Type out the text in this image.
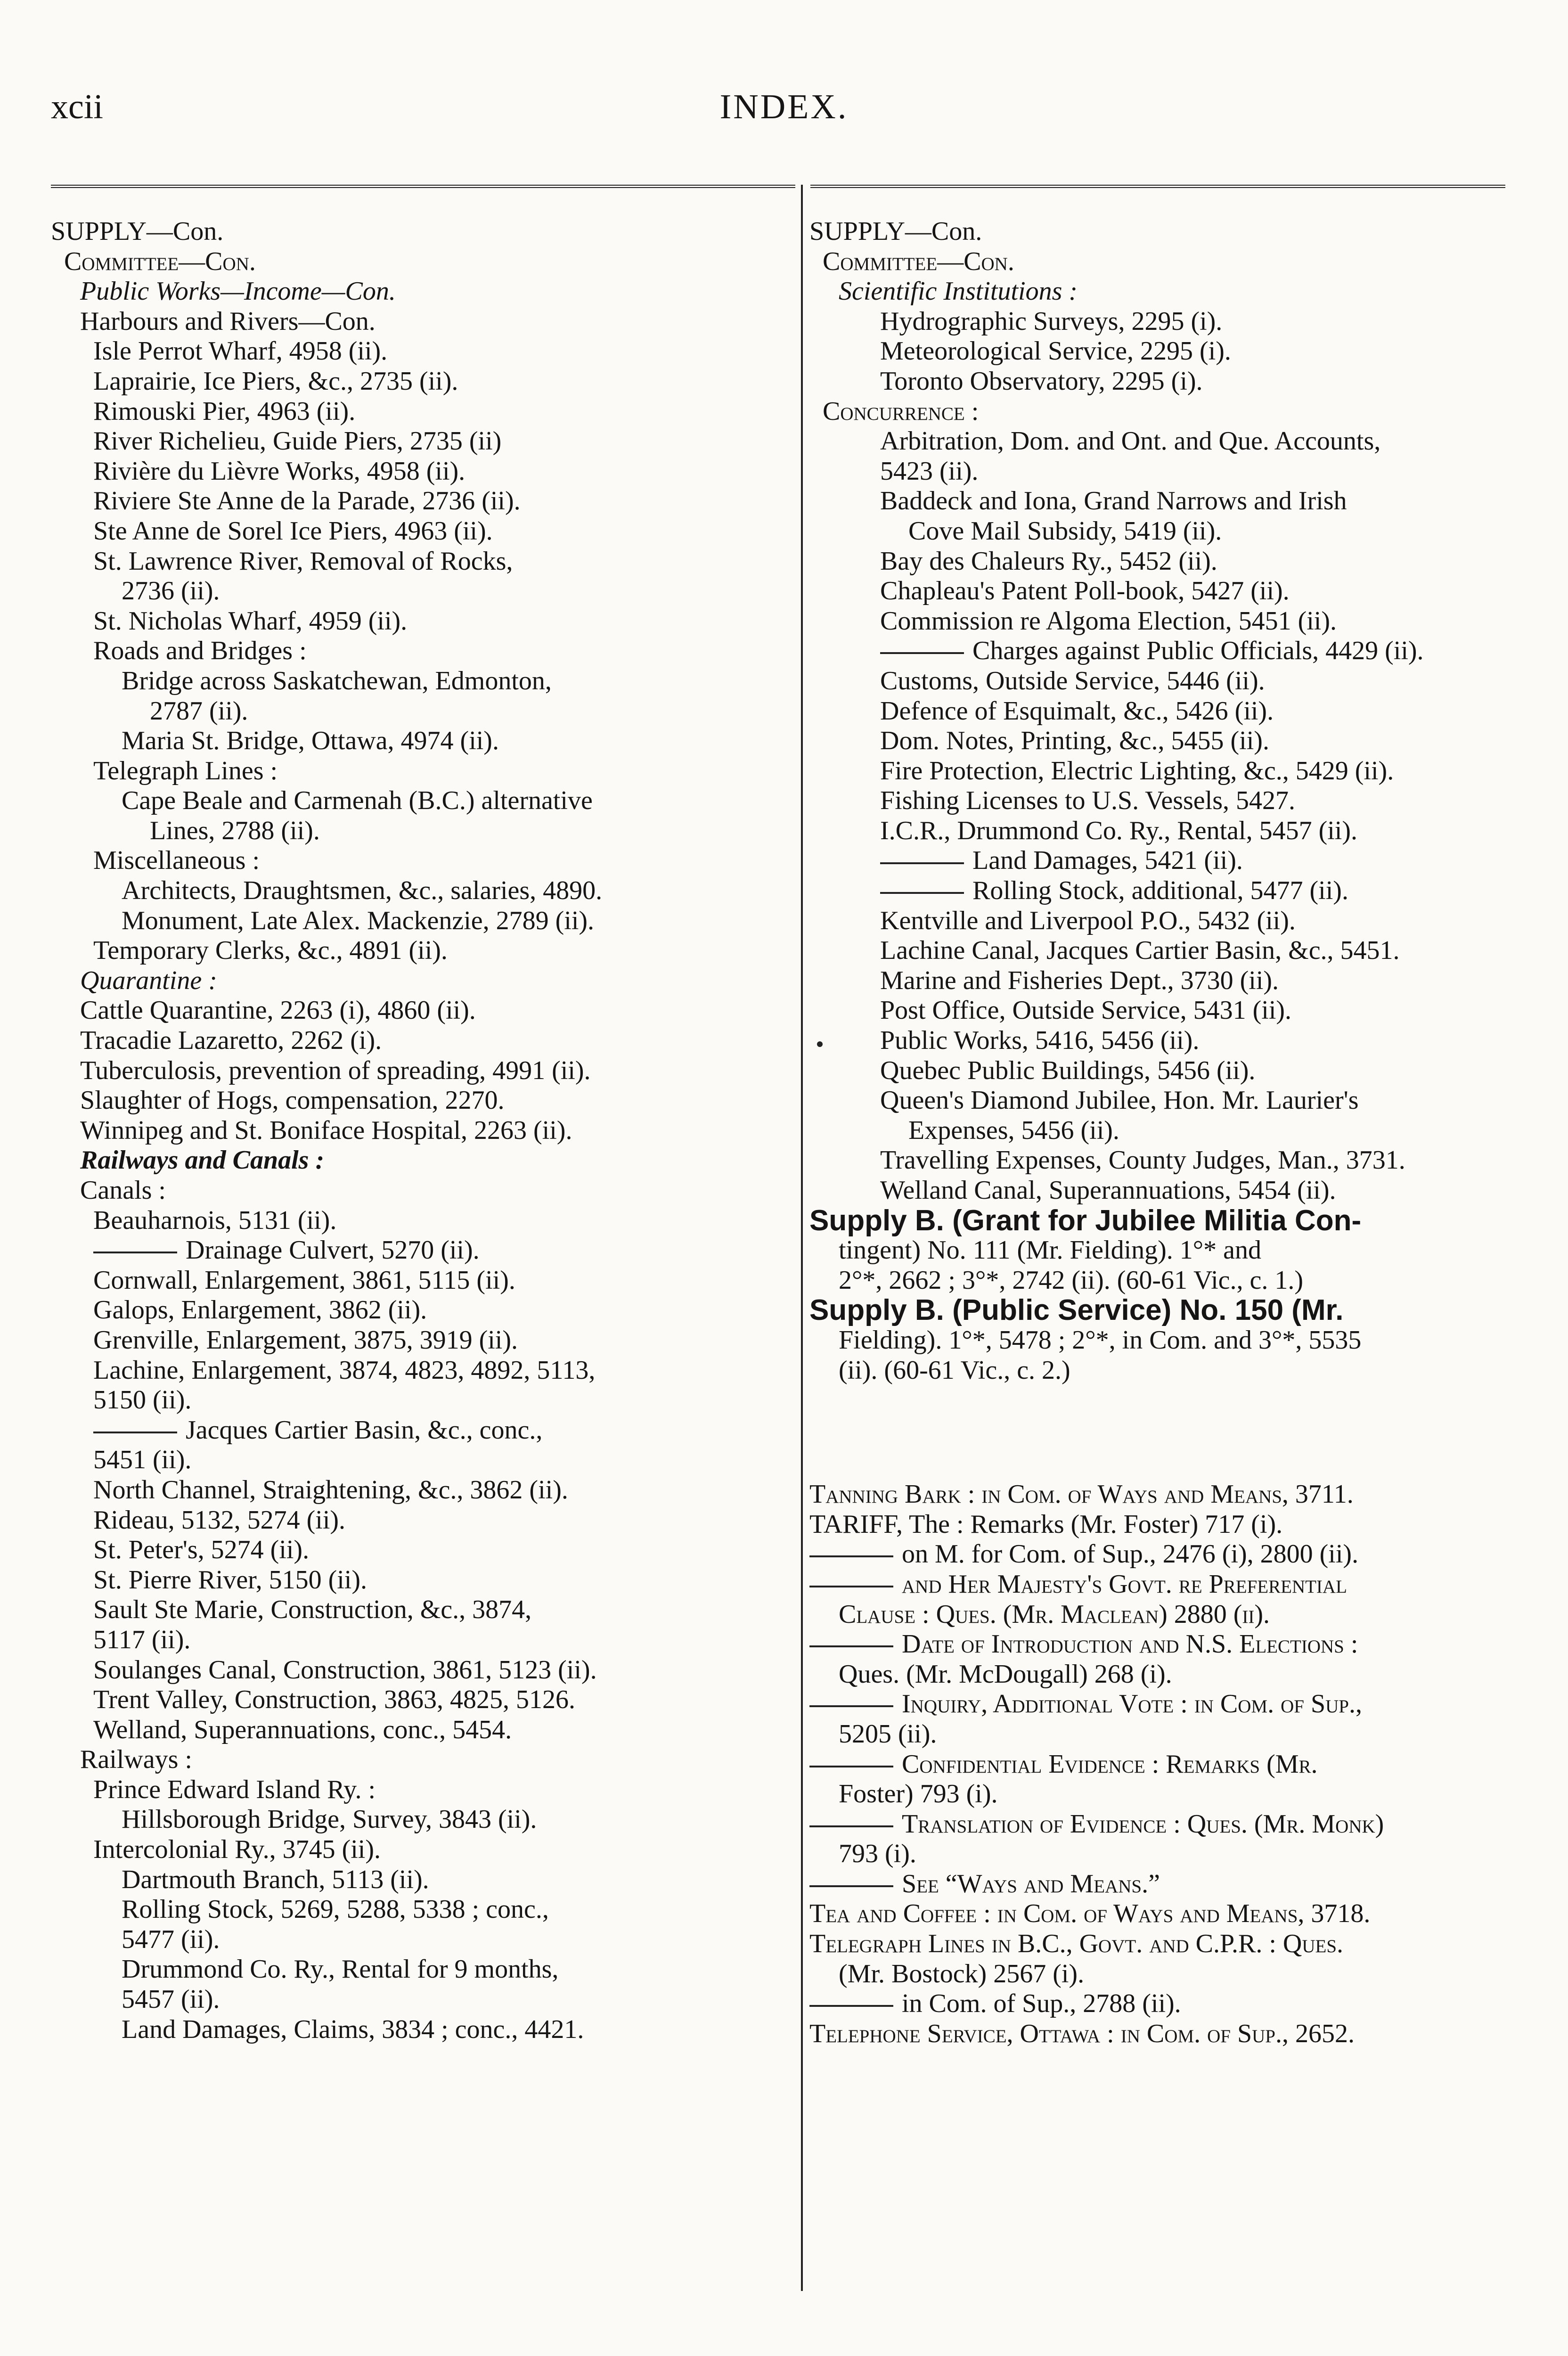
xcii	INDEX.
SUPPLY—Con.
Committee—Con.
Public Works—Income—Con.
Harbours and Rivers—Con.
Isle Perrot Wharf, 4958 (ii).
Laprairie, Ice Piers, &c., 2735 (ii).
Rimouski Pier, 4963 (ii).
River Richelieu, Guide Piers, 2735 (ii)
Rivière du Lièvre Works, 4958 (ii).
Riviere Ste Anne de la Parade, 2736 (ii).
Ste Anne de Sorel Ice Piers, 4963 (ii).
St. Lawrence River, Removal of Rocks,
2736 (ii).
St. Nicholas Wharf, 4959 (ii).
Roads and Bridges :
Bridge across Saskatchewan, Edmonton,
2787 (ii).
Maria St. Bridge, Ottawa, 4974 (ii).
Telegraph Lines :
Cape Beale and Carmenah (B.C.) alternative
Lines, 2788 (ii).
Miscellaneous :
Architects, Draughtsmen, &c., salaries, 4890.
Monument, Late Alex. Mackenzie, 2789 (ii).
Temporary Clerks, &c., 4891 (ii).
Quarantine :
Cattle Quarantine, 2263 (i), 4860 (ii).
Tracadie Lazaretto, 2262 (i).
Tuberculosis, prevention of spreading, 4991 (ii).
Slaughter of Hogs, compensation, 2270.
Winnipeg and St. Boniface Hospital, 2263 (ii).
Railways and Canals :
Canals :
Beauharnois, 5131 (ii).
Drainage Culvert, 5270 (ii).
Cornwall, Enlargement, 3861, 5115 (ii).
Galops, Enlargement, 3862 (ii).
Grenville, Enlargement, 3875, 3919 (ii).
Lachine, Enlargement, 3874, 4823, 4892, 5113,
5150 (ii).
Jacques Cartier Basin, &c., conc.,
5451 (ii).
North Channel, Straightening, &c., 3862 (ii).
Rideau, 5132, 5274 (ii).
St. Peter's, 5274 (ii).
St. Pierre River, 5150 (ii).
Sault Ste Marie, Construction, &c., 3874,
5117 (ii).
Soulanges Canal, Construction, 3861, 5123 (ii).
Trent Valley, Construction, 3863, 4825, 5126.
Welland, Superannuations, conc., 5454.
Railways :
Prince Edward Island Ry. :
Hillsborough Bridge, Survey, 3843 (ii).
Intercolonial Ry., 3745 (ii).
Dartmouth Branch, 5113 (ii).
Rolling Stock, 5269, 5288, 5338 ; conc.,
5477 (ii).
Drummond Co. Ry., Rental for 9 months,
5457 (ii).
Land Damages, Claims, 3834 ; conc., 4421.
SUPPLY—Con.
Committee—Con.
Scientific Institutions :
Hydrographic Surveys, 2295 (i).
Meteorological Service, 2295 (i).
Toronto Observatory, 2295 (i).
Concurrence :
Arbitration, Dom. and Ont. and Que. Accounts,
5423 (ii).
Baddeck and Iona, Grand Narrows and Irish
Cove Mail Subsidy, 5419 (ii).
Bay des Chaleurs Ry., 5452 (ii).
Chapleau's Patent Poll-book, 5427 (ii).
Commission re Algoma Election, 5451 (ii).
Charges against Public Officials, 4429 (ii).
Customs, Outside Service, 5446 (ii).
Defence of Esquimalt, &c., 5426 (ii).
Dom. Notes, Printing, &c., 5455 (ii).
Fire Protection, Electric Lighting, &c., 5429 (ii).
Fishing Licenses to U.S. Vessels, 5427.
I.C.R., Drummond Co. Ry., Rental, 5457 (ii).
Land Damages, 5421 (ii).
Rolling Stock, additional, 5477 (ii).
Kentville and Liverpool P.O., 5432 (ii).
Lachine Canal, Jacques Cartier Basin, &c., 5451.
Marine and Fisheries Dept., 3730 (ii).
Post Office, Outside Service, 5431 (ii).
Public Works, 5416, 5456 (ii).
Quebec Public Buildings, 5456 (ii).
Queen's Diamond Jubilee, Hon. Mr. Laurier's
Expenses, 5456 (ii).
Travelling Expenses, County Judges, Man., 3731.
Welland Canal, Superannuations, 5454 (ii).
Supply B. (Grant for Jubilee Militia Con-
tingent) No. 111 (Mr. Fielding). 1°* and
2°*, 2662 ; 3°*, 2742 (ii). (60-61 Vic., c. 1.)
Supply B. (Public Service) No. 150 (Mr.
Fielding). 1°*, 5478 ; 2°*, in Com. and 3°*, 5535
(ii). (60-61 Vic., c. 2.)
Tanning Bark : in Com. of Ways and Means, 3711.
TARIFF, The : Remarks (Mr. Foster) 717 (i).
on M. for Com. of Sup., 2476 (i), 2800 (ii).
and Her Majesty's Govt. re Preferential
Clause : Ques. (Mr. Maclean) 2880 (ii).
Date of Introduction and N.S. Elections :
Ques. (Mr. McDougall) 268 (i).
Inquiry, Additional Vote : in Com. of Sup.,
5205 (ii).
Confidential Evidence : Remarks (Mr.
Foster) 793 (i).
Translation of Evidence : Ques. (Mr. Monk)
793 (i).
See “Ways and Means.”
Tea and Coffee : in Com. of Ways and Means, 3718.
Telegraph Lines in B.C., Govt. and C.P.R. : Ques.
(Mr. Bostock) 2567 (i).
in Com. of Sup., 2788 (ii).
Telephone Service, Ottawa : in Com. of Sup., 2652.
